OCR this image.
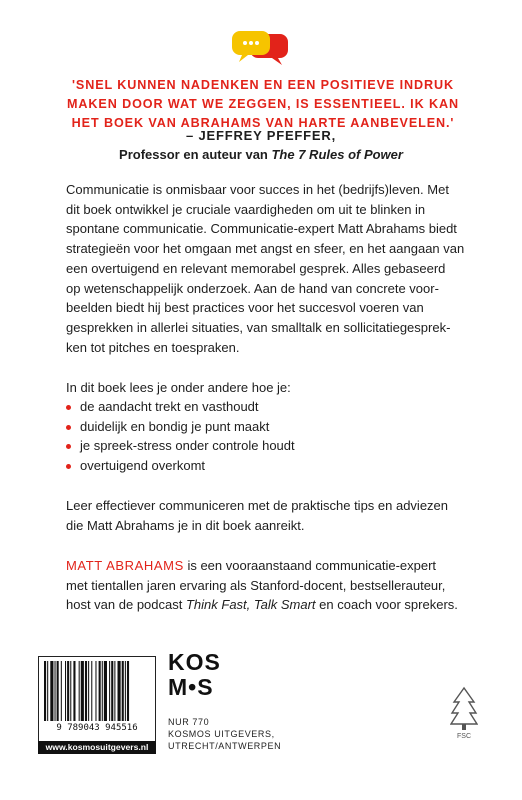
'SNEL KUNNEN NADENKEN EN EEN POSITIEVE INDRUK
MAKEN DOOR WAT WE ZEGGEN, IS ESSENTIEEL. IK KAN
HET BOEK VAN ABRAHAMS VAN HARTE AANBEVELEN.'
– JEFFREY PFEFFER,
Professor en auteur van The 7 Rules of Power
Communicatie is onmisbaar voor succes in het (bedrijfs)leven. Met
dit boek ontwikkel je cruciale vaardigheden om uit te blinken in
spontane communicatie. Communicatie-expert Matt Abrahams biedt
strategieën voor het omgaan met angst en sfeer, en het aangaan van
een overtuigend en relevant memorabel gesprek. Alles gebaseerd
op wetenschappelijk onderzoek. Aan de hand van concrete voor-
beelden biedt hij best practices voor het succesvol voeren van
gesprekken in allerlei situaties, van smalltalk en sollicitatiegesprek-
ken tot pitches en toespraken.
In dit boek lees je onder andere hoe je:
de aandacht trekt en vasthoudt
duidelijk en bondig je punt maakt
je spreek-stress onder controle houdt
overtuigend overkomt
Leer effectiever communiceren met de praktische tips en adviezen
die Matt Abrahams je in dit boek aanreikt.
MATT ABRAHAMS is een vooraanstaand communicatie-expert
met tientallen jaren ervaring als Stanford-docent, bestsellerauteur,
host van de podcast Think Fast, Talk Smart en coach voor sprekers.
9 789043 945516
www.kosmosuitgevers.nl
KOS
M•S
NUR 770
KOSMOS UITGEVERS,
UTRECHT/ANTWERPEN
FSC
